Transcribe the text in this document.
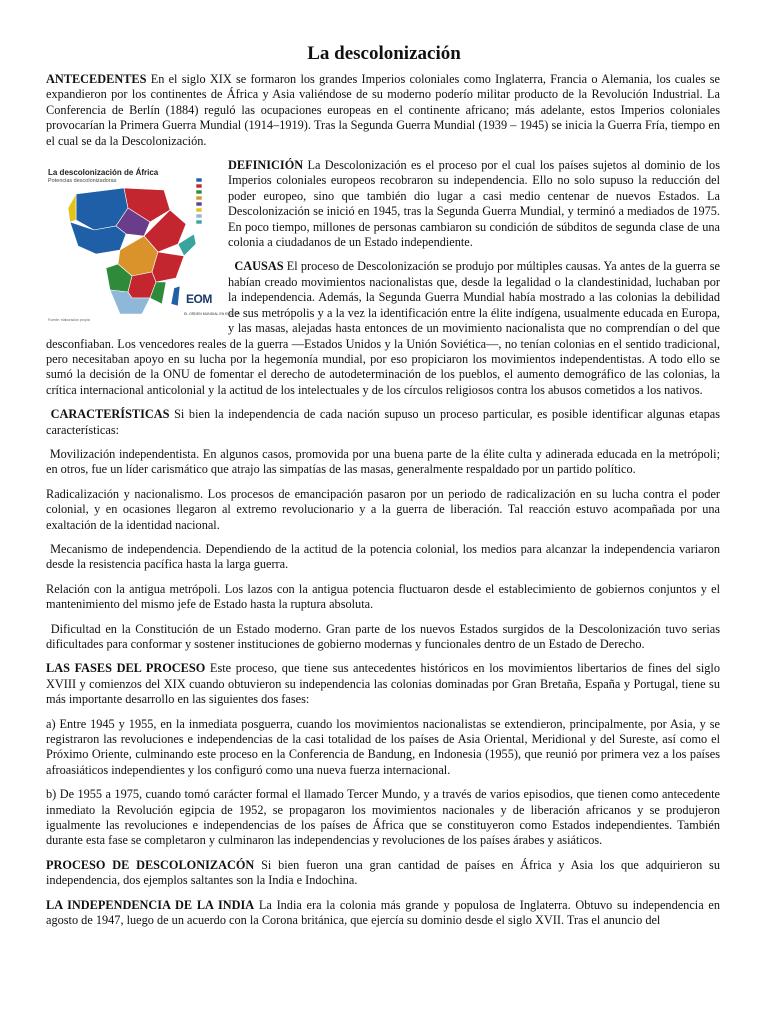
La descolonización

ANTECEDENTES En el siglo XIX se formaron los grandes Imperios coloniales como Inglaterra, Francia o Alemania, los cuales se expandieron por los continentes de África y Asia valiéndose de su moderno poderío militar producto de la Revolución Industrial. La Conferencia de Berlín (1884) reguló las ocupaciones europeas en el continente africano; más adelante, estos Imperios coloniales provocarían la Primera Guerra Mundial (1914–1919). Tras la Segunda Guerra Mundial (1939 – 1945) se inicia la Guerra Fría, tiempo en el cual se da la Descolonización.

La descolonización de África
Potencias descolonizadoras
EOM
EL ORDEN MUNDIAL EN EL S. XXI
Fuente: elaboración propia

DEFINICIÓN La Descolonización es el proceso por el cual los países sujetos al dominio de los Imperios coloniales europeos recobraron su independencia. Ello no solo supuso la reducción del poder europeo, sino que también dio lugar a casi medio centenar de nuevos Estados. La Descolonización se inició en 1945, tras la Segunda Guerra Mundial, y terminó a mediados de 1975. En poco tiempo, millones de personas cambiaron su condición de súbditos de segunda clase de una colonia a ciudadanos de un Estado independiente.

CAUSAS El proceso de Descolonización se produjo por múltiples causas. Ya antes de la guerra se habían creado movimientos nacionalistas que, desde la legalidad o la clandestinidad, luchaban por la independencia. Además, la Segunda Guerra Mundial había mostrado a las colonias la debilidad de sus metrópolis y a la vez la identificación entre la élite indígena, usualmente educada en Europa, y las masas, alejadas hasta entonces de un movimiento nacionalista que no comprendían o del que desconfiaban. Los vencedores reales de la guerra —Estados Unidos y la Unión Soviética—, no tenían colonias en el sentido tradicional, pero necesitaban apoyo en su lucha por la hegemonía mundial, por eso propiciaron los movimientos independentistas. A todo ello se sumó la decisión de la ONU de fomentar el derecho de autodeterminación de los pueblos, el aumento demográfico de las colonias, la crítica internacional anticolonial y la actitud de los intelectuales y de los círculos religiosos contra los abusos cometidos a los nativos.

CARACTERÍSTICAS Si bien la independencia de cada nación supuso un proceso particular, es posible identificar algunas etapas características:

Movilización independentista. En algunos casos, promovida por una buena parte de la élite culta y adinerada educada en la metrópoli; en otros, fue un líder carismático que atrajo las simpatías de las masas, generalmente respaldado por un partido político.

Radicalización y nacionalismo. Los procesos de emancipación pasaron por un periodo de radicalización en su lucha contra el poder colonial, y en ocasiones llegaron al extremo revolucionario y a la guerra de liberación. Tal reacción estuvo acompañada por una exaltación de la identidad nacional.

Mecanismo de independencia. Dependiendo de la actitud de la potencia colonial, los medios para alcanzar la independencia variaron desde la resistencia pacífica hasta la larga guerra.

Relación con la antigua metrópoli. Los lazos con la antigua potencia fluctuaron desde el establecimiento de gobiernos conjuntos y el mantenimiento del mismo jefe de Estado hasta la ruptura absoluta.

Dificultad en la Constitución de un Estado moderno. Gran parte de los nuevos Estados surgidos de la Descolonización tuvo serias dificultades para conformar y sostener instituciones de gobierno modernas y funcionales dentro de un Estado de Derecho.

LAS FASES DEL PROCESO Este proceso, que tiene sus antecedentes históricos en los movimientos libertarios de fines del siglo XVIII y comienzos del XIX cuando obtuvieron su independencia las colonias dominadas por Gran Bretaña, España y Portugal, tiene su más importante desarrollo en las siguientes dos fases:

a) Entre 1945 y 1955, en la inmediata posguerra, cuando los movimientos nacionalistas se extendieron, principalmente, por Asia, y se registraron las revoluciones e independencias de la casi totalidad de los países de Asia Oriental, Meridional y del Sureste, así como el Próximo Oriente, culminando este proceso en la Conferencia de Bandung, en Indonesia (1955), que reunió por primera vez a los países afroasiáticos independientes y los configuró como una nueva fuerza internacional.

b) De 1955 a 1975, cuando tomó carácter formal el llamado Tercer Mundo, y a través de varios episodios, que tienen como antecedente inmediato la Revolución egipcia de 1952, se propagaron los movimientos nacionales y de liberación africanos y se produjeron igualmente las revoluciones e independencias de los países de África que se constituyeron como Estados independientes. También durante esta fase se completaron y culminaron las independencias y revoluciones de los países árabes y asiáticos.

PROCESO DE DESCOLONIZACÓN Si bien fueron una gran cantidad de países en África y Asia los que adquirieron su independencia, dos ejemplos saltantes son la India e Indochina.

LA INDEPENDENCIA DE LA INDIA La India era la colonia más grande y populosa de Inglaterra. Obtuvo su independencia en agosto de 1947, luego de un acuerdo con la Corona británica, que ejercía su dominio desde el siglo XVII. Tras el anuncio del
